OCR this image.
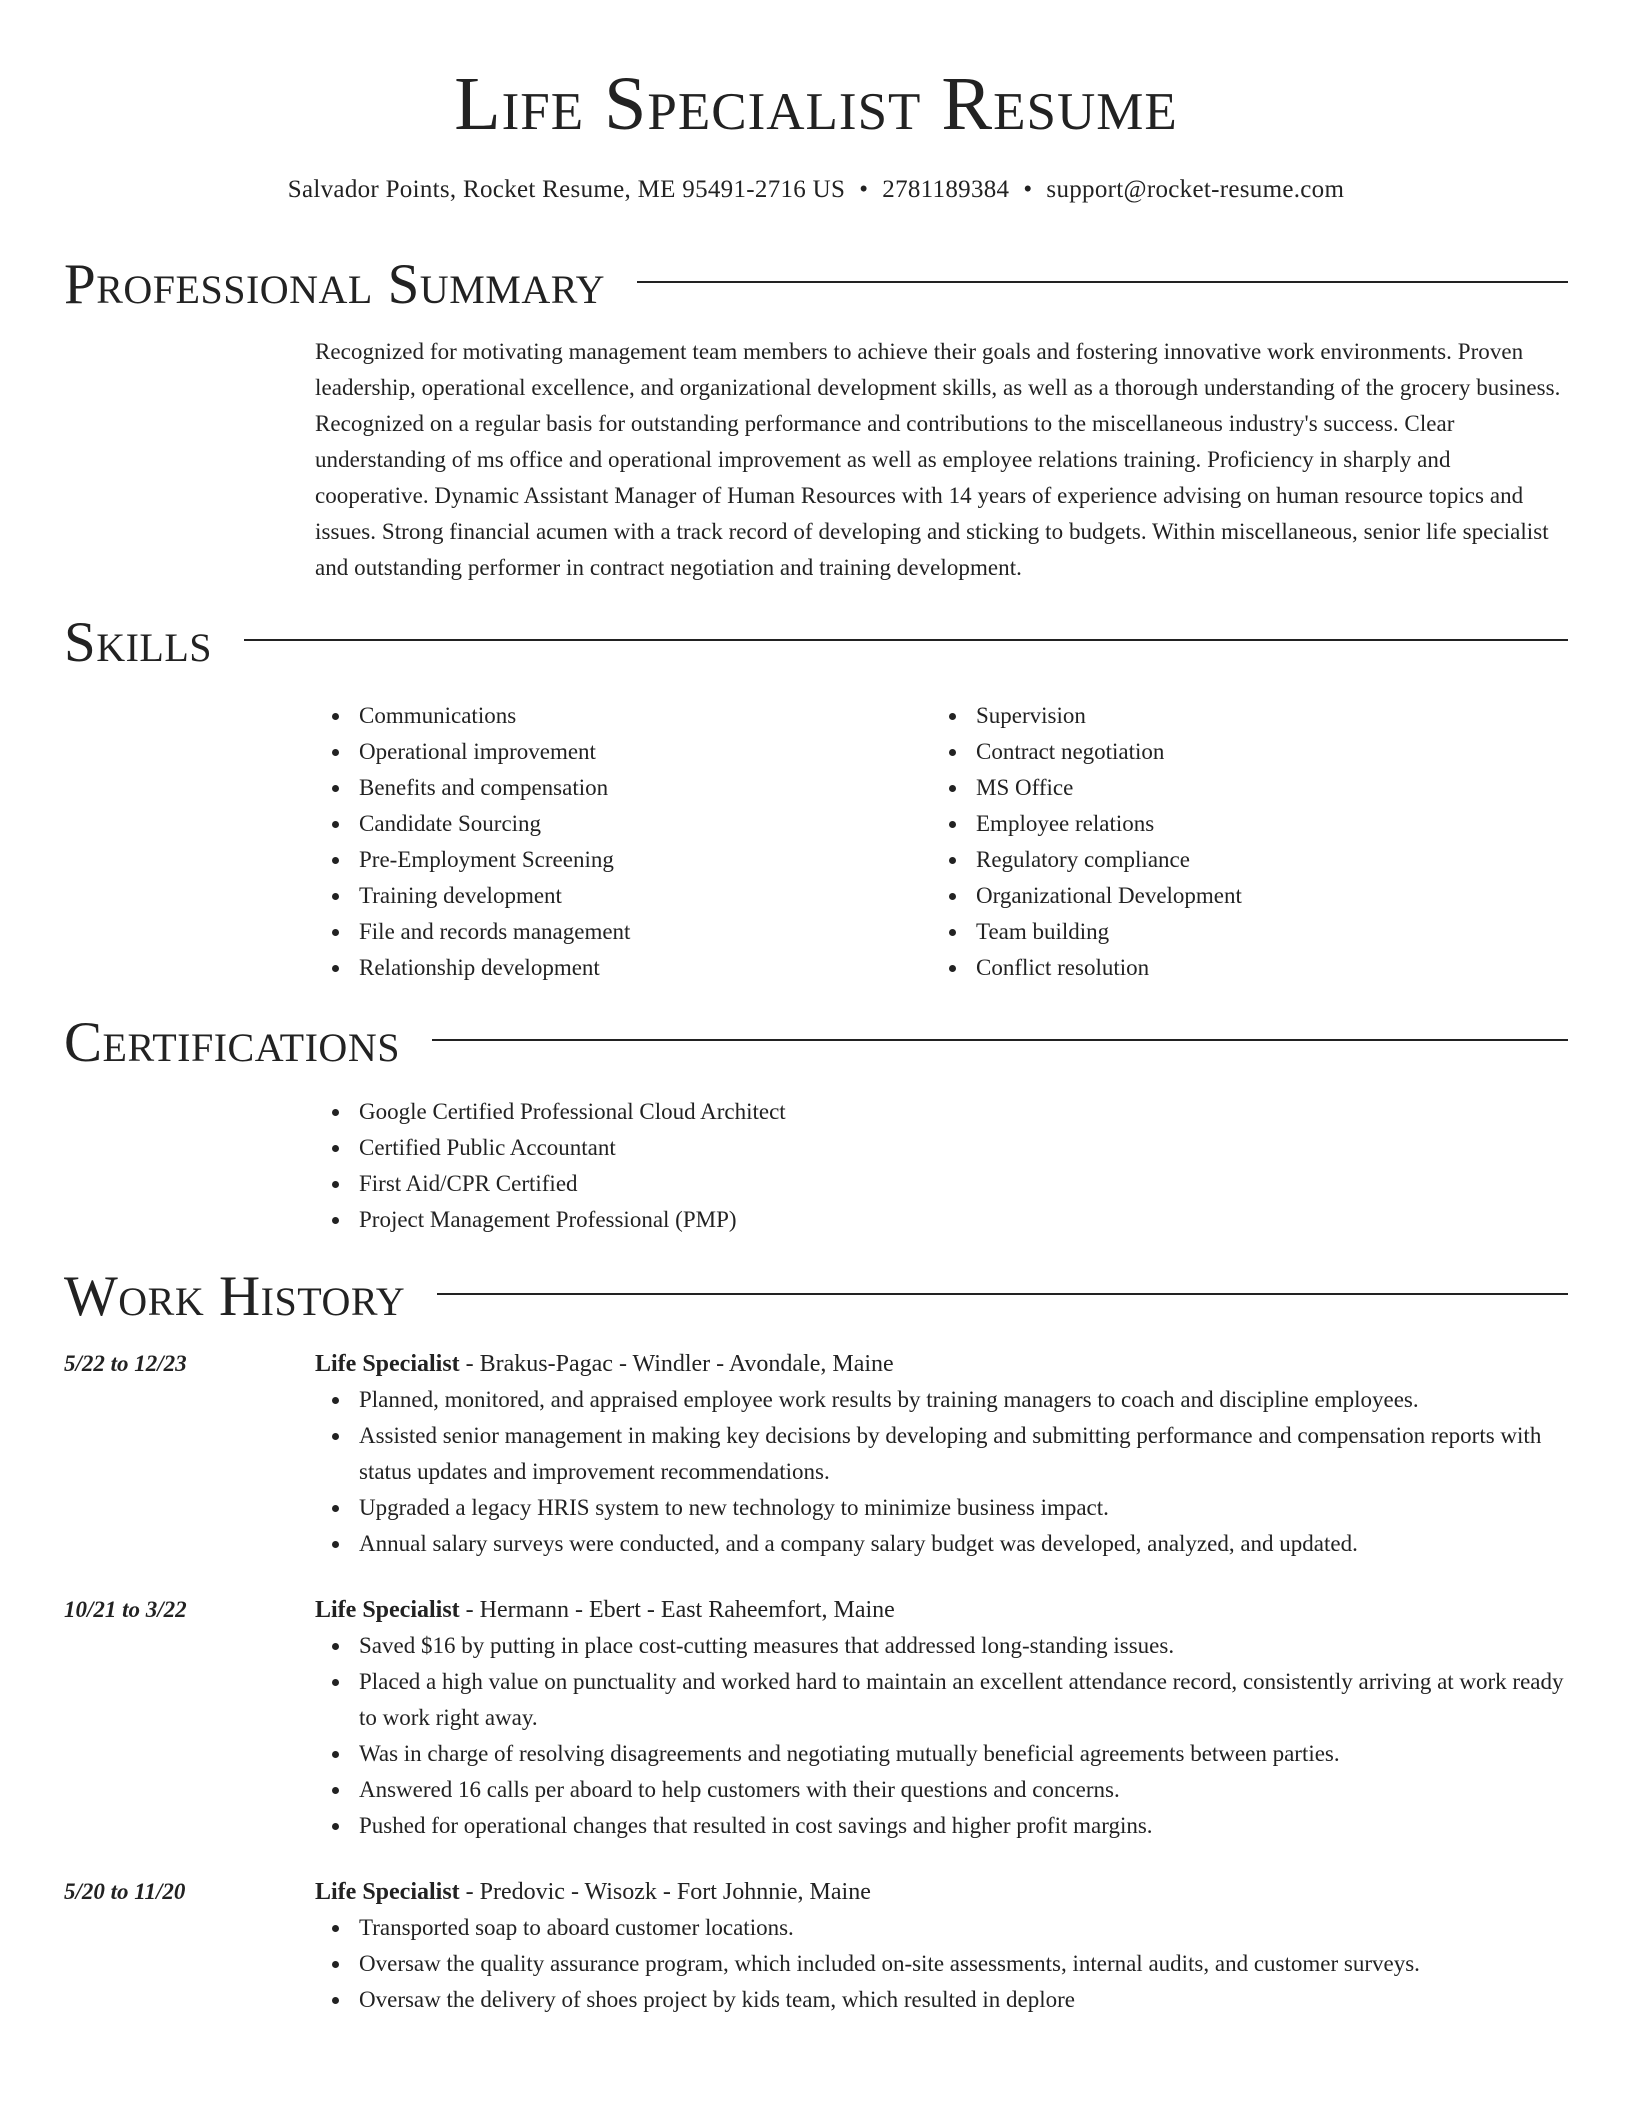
Life Specialist Resume
Salvador Points, Rocket Resume, ME 95491-2716 US • 2781189384 • support@rocket-resume.com
Professional Summary
Recognized for motivating management team members to achieve their goals and fostering innovative work environments. Proven leadership, operational excellence, and organizational development skills, as well as a thorough understanding of the grocery business. Recognized on a regular basis for outstanding performance and contributions to the miscellaneous industry's success. Clear understanding of ms office and operational improvement as well as employee relations training. Proficiency in sharply and cooperative. Dynamic Assistant Manager of Human Resources with 14 years of experience advising on human resource topics and issues. Strong financial acumen with a track record of developing and sticking to budgets. Within miscellaneous, senior life specialist and outstanding performer in contract negotiation and training development.
Skills
Communications
Operational improvement
Benefits and compensation
Candidate Sourcing
Pre-Employment Screening
Training development
File and records management
Relationship development
Supervision
Contract negotiation
MS Office
Employee relations
Regulatory compliance
Organizational Development
Team building
Conflict resolution
Certifications
Google Certified Professional Cloud Architect
Certified Public Accountant
First Aid/CPR Certified
Project Management Professional (PMP)
Work History
5/22 to 12/23	Life Specialist - Brakus-Pagac - Windler - Avondale, Maine
Planned, monitored, and appraised employee work results by training managers to coach and discipline employees.
Assisted senior management in making key decisions by developing and submitting performance and compensation reports with status updates and improvement recommendations.
Upgraded a legacy HRIS system to new technology to minimize business impact.
Annual salary surveys were conducted, and a company salary budget was developed, analyzed, and updated.
10/21 to 3/22	Life Specialist - Hermann - Ebert - East Raheemfort, Maine
Saved $16 by putting in place cost-cutting measures that addressed long-standing issues.
Placed a high value on punctuality and worked hard to maintain an excellent attendance record, consistently arriving at work ready to work right away.
Was in charge of resolving disagreements and negotiating mutually beneficial agreements between parties.
Answered 16 calls per aboard to help customers with their questions and concerns.
Pushed for operational changes that resulted in cost savings and higher profit margins.
5/20 to 11/20	Life Specialist - Predovic - Wisozk - Fort Johnnie, Maine
Transported soap to aboard customer locations.
Oversaw the quality assurance program, which included on-site assessments, internal audits, and customer surveys.
Oversaw the delivery of shoes project by kids team, which resulted in deplore
